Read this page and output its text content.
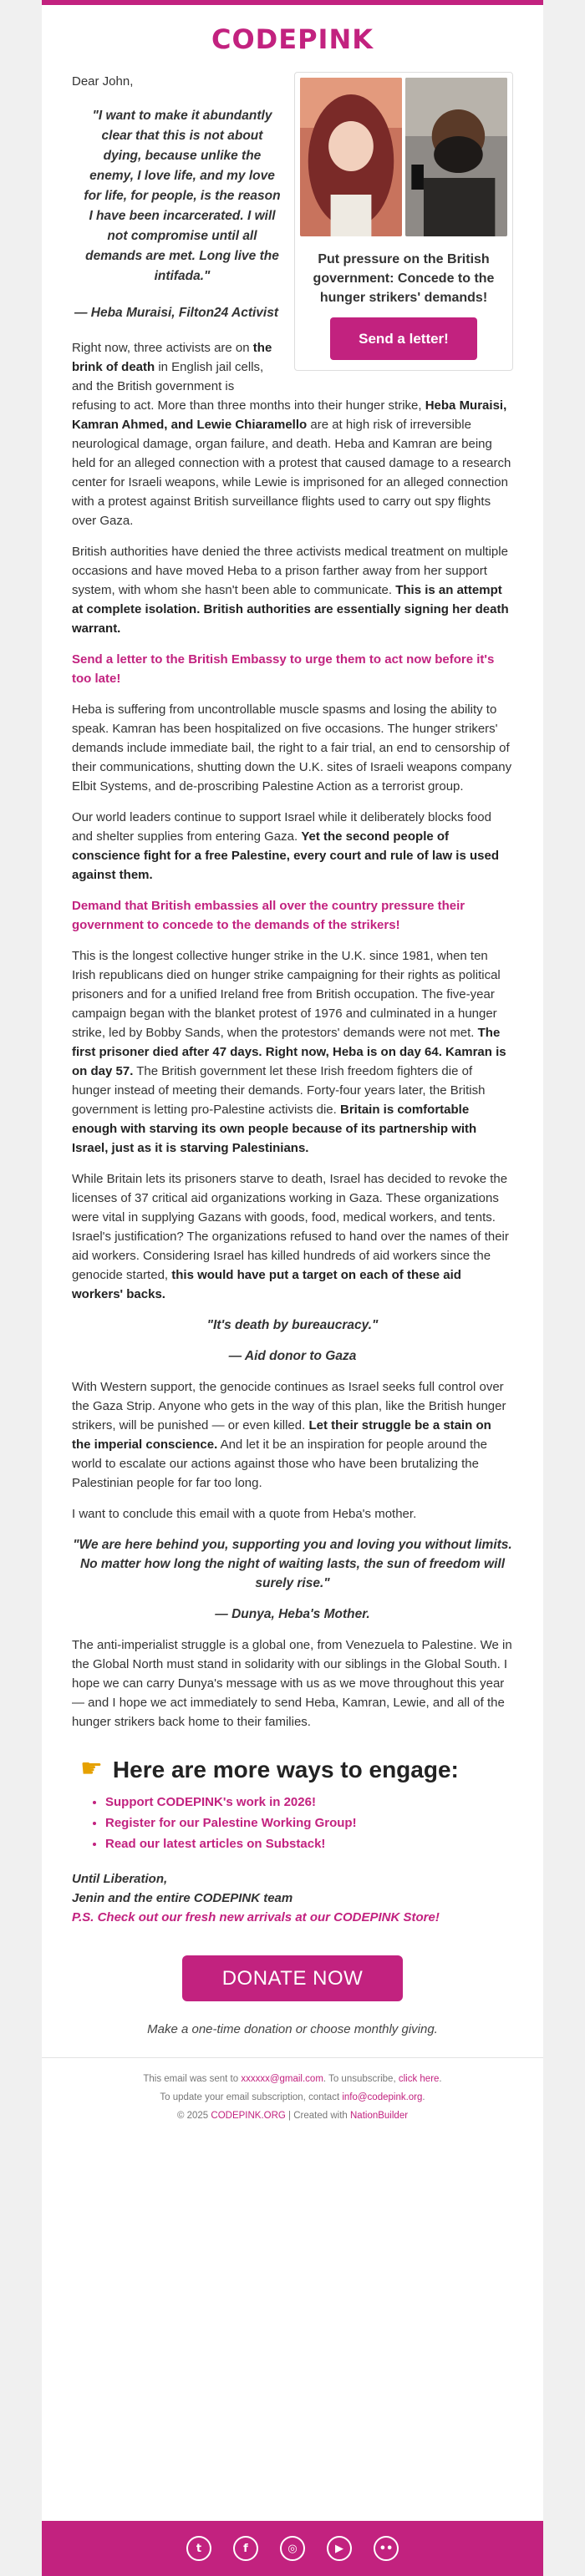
CODEPINK
Put pressure on the British government: Concede to the hunger strikers' demands!
Send a letter!

Dear John,

"I want to make it abundantly clear that this is not about dying, because unlike the enemy, I love life, and my love for life, for people, is the reason I have been incarcerated. I will not compromise until all demands are met. Long live the intifada."
— Heba Muraisi, Filton24 Activist

Right now, three activists are on the brink of death in English jail cells, and the British government is refusing to act. More than three months into their hunger strike, Heba Muraisi, Kamran Ahmed, and Lewie Chiaramello are at high risk of irreversible neurological damage, organ failure, and death. Heba and Kamran are being held for an alleged connection with a protest that caused damage to a research center for Israeli weapons, while Lewie is imprisoned for an alleged connection with a protest against British surveillance flights used to carry out spy flights over Gaza.

British authorities have denied the three activists medical treatment on multiple occasions and have moved Heba to a prison farther away from her support system, with whom she hasn't been able to communicate. This is an attempt at complete isolation. British authorities are essentially signing her death warrant.

Send a letter to the British Embassy to urge them to act now before it's too late!

Heba is suffering from uncontrollable muscle spasms and losing the ability to speak. Kamran has been hospitalized on five occasions. The hunger strikers' demands include immediate bail, the right to a fair trial, an end to censorship of their communications, shutting down the U.K. sites of Israeli weapons company Elbit Systems, and de-proscribing Palestine Action as a terrorist group.

Our world leaders continue to support Israel while it deliberately blocks food and shelter supplies from entering Gaza. Yet the second people of conscience fight for a free Palestine, every court and rule of law is used against them.

Demand that British embassies all over the country pressure their government to concede to the demands of the strikers!

This is the longest collective hunger strike in the U.K. since 1981, when ten Irish republicans died on hunger strike campaigning for their rights as political prisoners and for a unified Ireland free from British occupation. The five-year campaign began with the blanket protest of 1976 and culminated in a hunger strike, led by Bobby Sands, when the protestors' demands were not met. The first prisoner died after 47 days. Right now, Heba is on day 64. Kamran is on day 57. The British government let these Irish freedom fighters die of hunger instead of meeting their demands. Forty-four years later, the British government is letting pro-Palestine activists die. Britain is comfortable enough with starving its own people because of its partnership with Israel, just as it is starving Palestinians.

While Britain lets its prisoners starve to death, Israel has decided to revoke the licenses of 37 critical aid organizations working in Gaza. These organizations were vital in supplying Gazans with goods, food, medical workers, and tents. Israel's justification? The organizations refused to hand over the names of their aid workers. Considering Israel has killed hundreds of aid workers since the genocide started, this would have put a target on each of these aid workers' backs.

"It's death by bureaucracy."

— Aid donor to Gaza

With Western support, the genocide continues as Israel seeks full control over the Gaza Strip. Anyone who gets in the way of this plan, like the British hunger strikers, will be punished — or even killed. Let their struggle be a stain on the imperial conscience. And let it be an inspiration for people around the world to escalate our actions against those who have been brutalizing the Palestinian people for far too long.

I want to conclude this email with a quote from Heba's mother.

"We are here behind you, supporting you and loving you without limits. No matter how long the night of waiting lasts, the sun of freedom will surely rise."

— Dunya, Heba's Mother.

The anti-imperialist struggle is a global one, from Venezuela to Palestine. We in the Global North must stand in solidarity with our siblings in the Global South. I hope we can carry Dunya's message with us as we move throughout this year — and I hope we act immediately to send Heba, Kamran, Lewie, and all of the hunger strikers back home to their families.

☛ Here are more ways to engage:
• Support CODEPINK's work in 2026!
• Register for our Palestine Working Group!
• Read our latest articles on Substack!
Until Liberation,
Jenin and the entire CODEPINK team

P.S. Check out our fresh new arrivals at our CODEPINK Store!

DONATE NOW
Make a one-time donation or choose monthly giving.
This email was sent to xxxxxx@gmail.com. To unsubscribe, click here.
To update your email subscription, contact info@codepink.org.
© 2025 CODEPINK.ORG | Created with NationBuilder
t	f	◎	▶	••
